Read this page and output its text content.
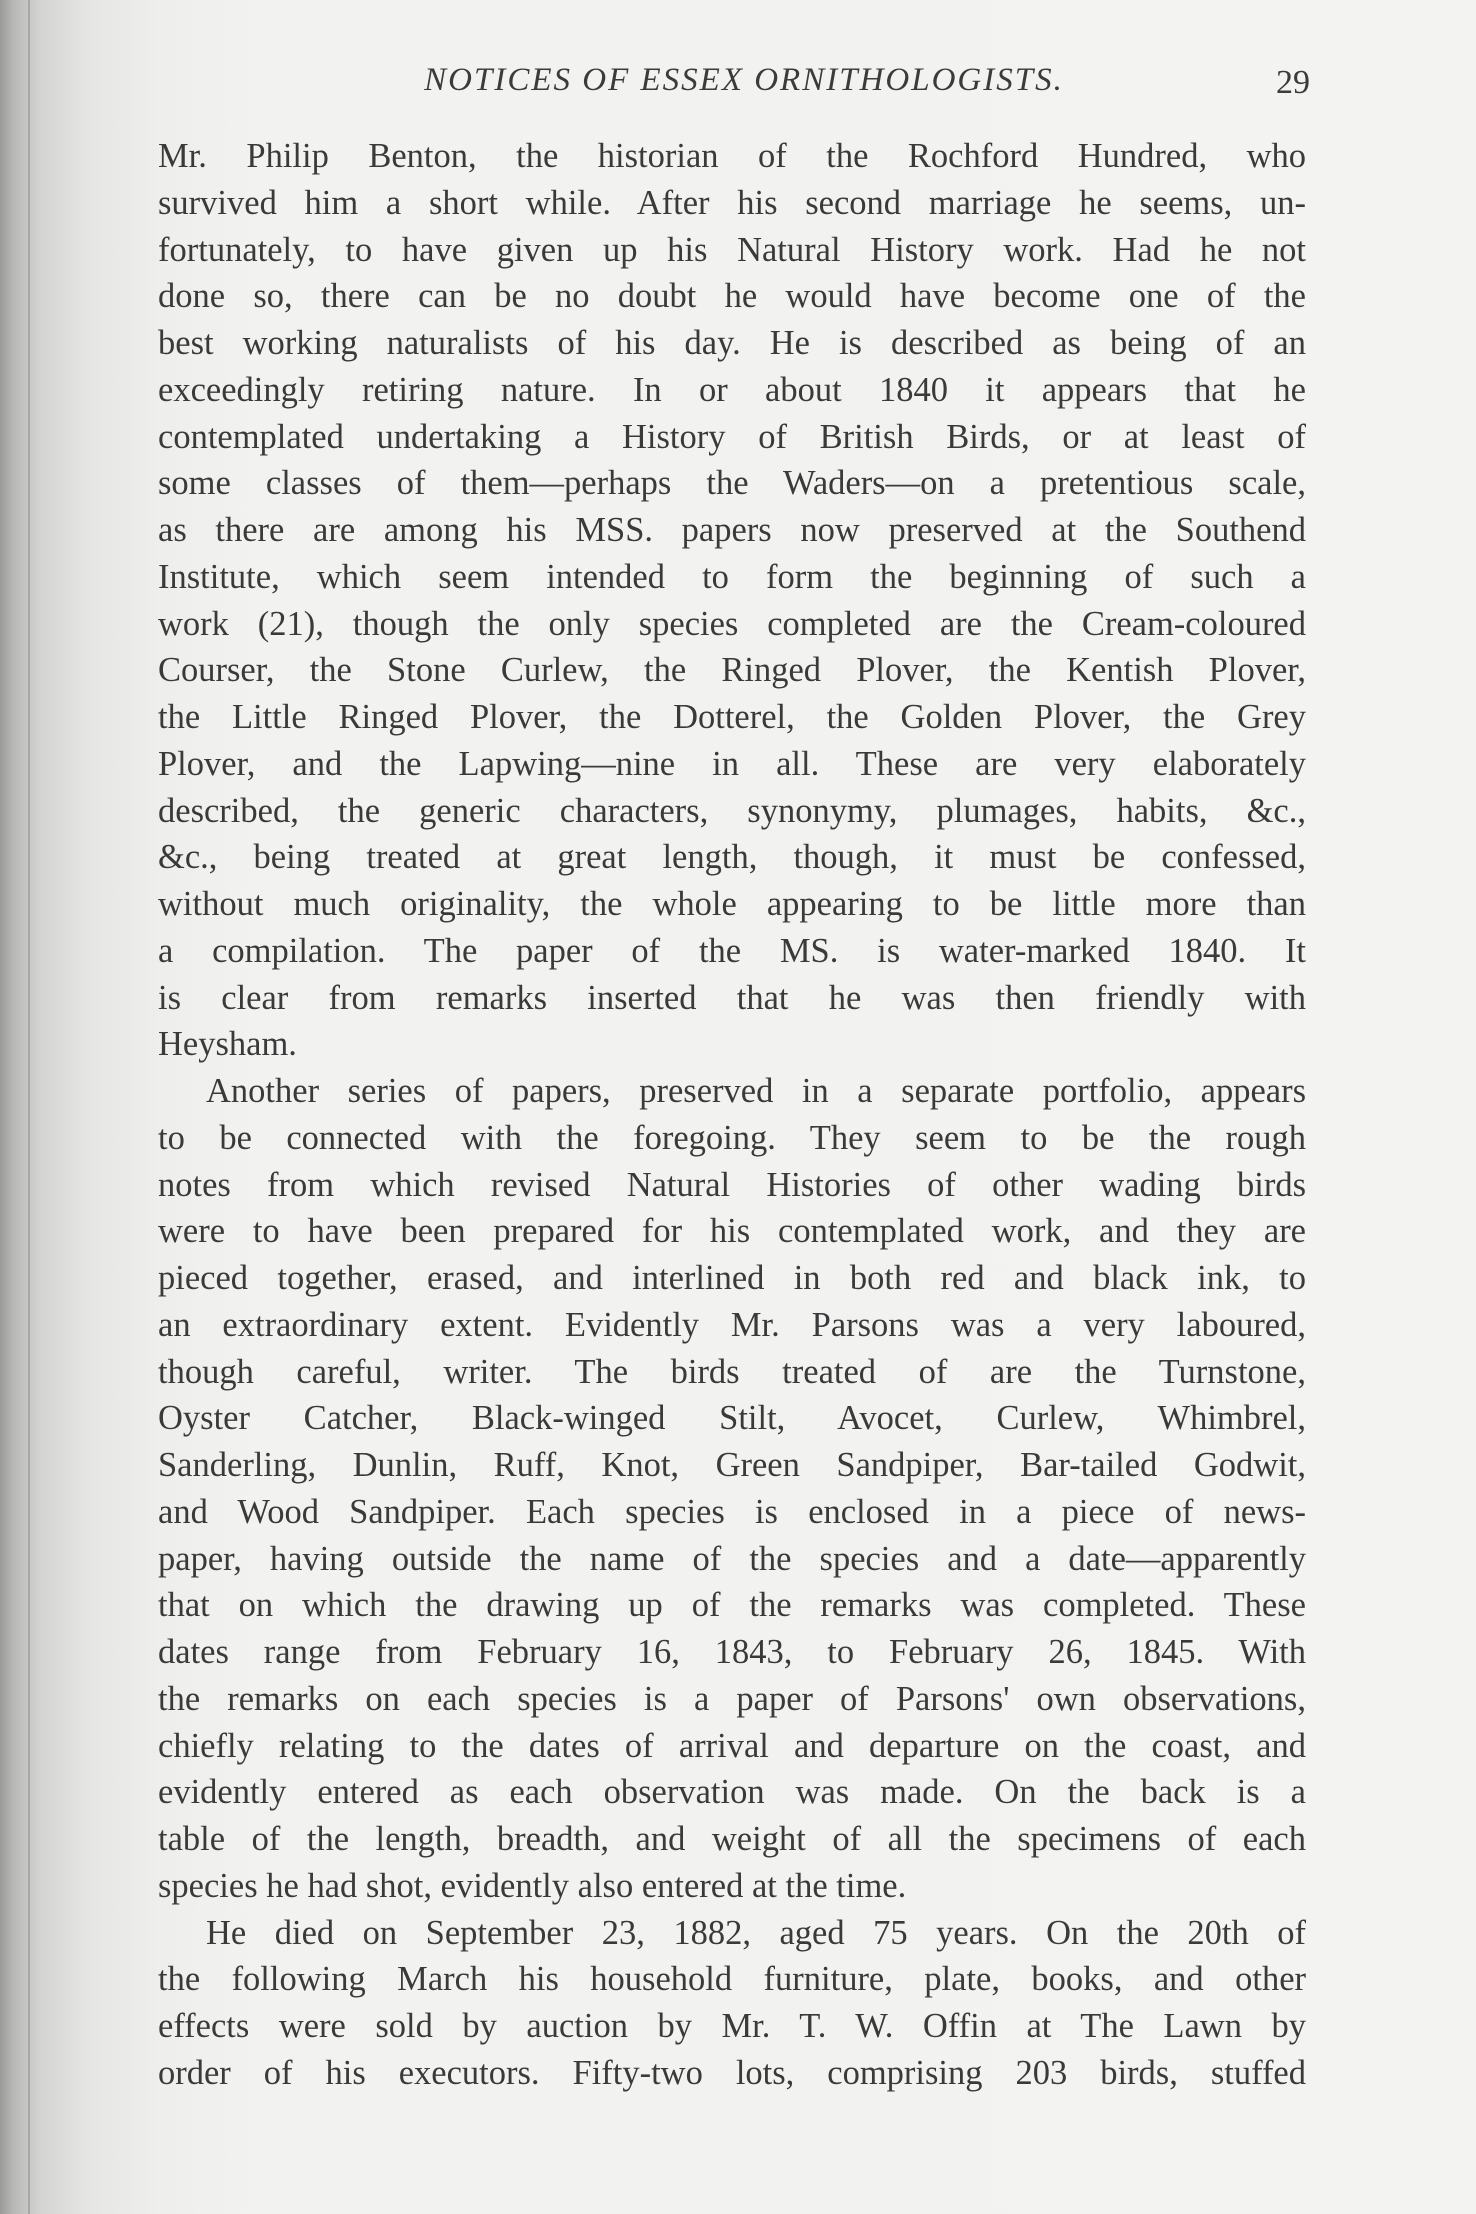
NOTICES OF ESSEX ORNITHOLOGISTS.	29
Mr. Philip Benton, the historian of the Rochford Hundred, who
survived him a short while. After his second marriage he seems, un-
fortunately, to have given up his Natural History work. Had he not
done so, there can be no doubt he would have become one of the
best working naturalists of his day. He is described as being of an
exceedingly retiring nature. In or about 1840 it appears that he
contemplated undertaking a History of British Birds, or at least of
some classes of them—perhaps the Waders—on a pretentious scale,
as there are among his MSS. papers now preserved at the Southend
Institute, which seem intended to form the beginning of such a
work (21), though the only species completed are the Cream-coloured
Courser, the Stone Curlew, the Ringed Plover, the Kentish Plover,
the Little Ringed Plover, the Dotterel, the Golden Plover, the Grey
Plover, and the Lapwing—nine in all. These are very elaborately
described, the generic characters, synonymy, plumages, habits, &c.,
&c., being treated at great length, though, it must be confessed,
without much originality, the whole appearing to be little more than
a compilation. The paper of the MS. is water-marked 1840. It
is clear from remarks inserted that he was then friendly with
Heysham.
Another series of papers, preserved in a separate portfolio, appears
to be connected with the foregoing. They seem to be the rough
notes from which revised Natural Histories of other wading birds
were to have been prepared for his contemplated work, and they are
pieced together, erased, and interlined in both red and black ink, to
an extraordinary extent. Evidently Mr. Parsons was a very laboured,
though careful, writer. The birds treated of are the Turnstone,
Oyster Catcher, Black-winged Stilt, Avocet, Curlew, Whimbrel,
Sanderling, Dunlin, Ruff, Knot, Green Sandpiper, Bar-tailed Godwit,
and Wood Sandpiper. Each species is enclosed in a piece of news-
paper, having outside the name of the species and a date—apparently
that on which the drawing up of the remarks was completed. These
dates range from February 16, 1843, to February 26, 1845. With
the remarks on each species is a paper of Parsons' own observations,
chiefly relating to the dates of arrival and departure on the coast, and
evidently entered as each observation was made. On the back is a
table of the length, breadth, and weight of all the specimens of each
species he had shot, evidently also entered at the time.
He died on September 23, 1882, aged 75 years. On the 20th of
the following March his household furniture, plate, books, and other
effects were sold by auction by Mr. T. W. Offin at The Lawn by
order of his executors. Fifty-two lots, comprising 203 birds, stuffed
